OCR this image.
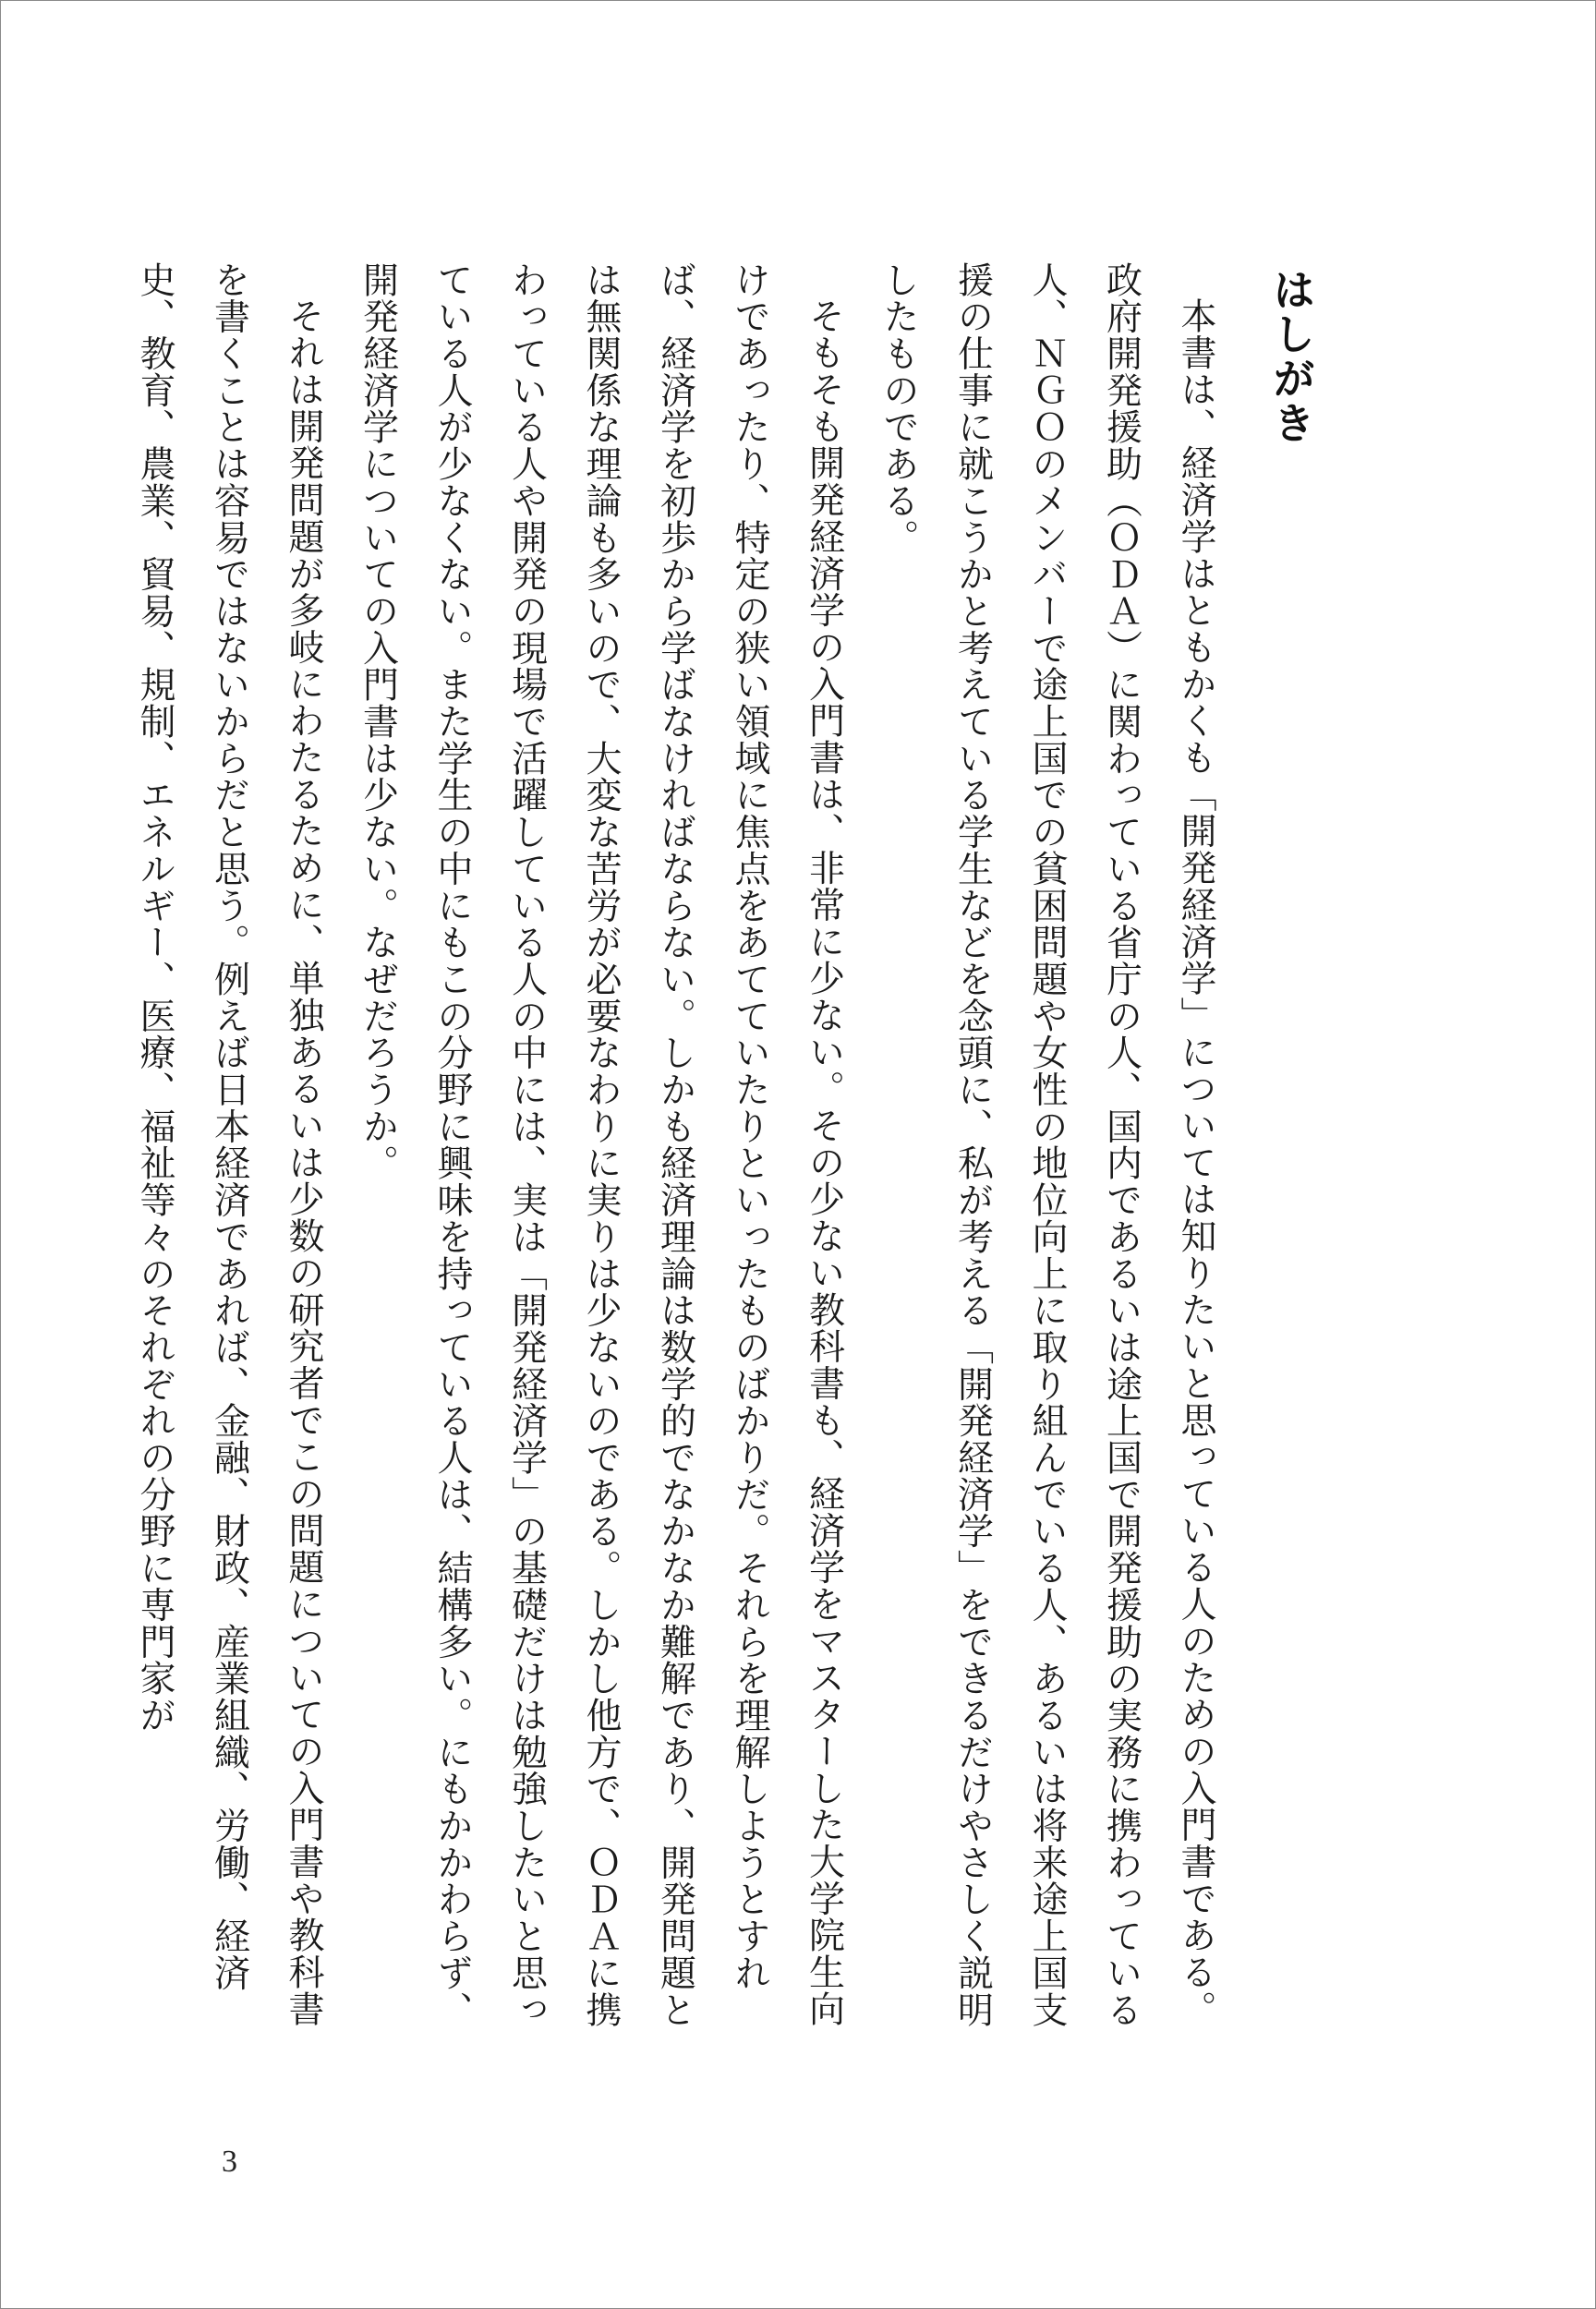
はしがき

本書は、経済学はともかくも「開発経済学」については知りたいと思っている人のための入門書である。政府開発援助（ＯＤＡ）に関わっている省庁の人、国内であるいは途上国で開発援助の実務に携わっている人、ＮＧＯのメンバーで途上国での貧困問題や女性の地位向上に取り組んでいる人、あるいは将来途上国支援の仕事に就こうかと考えている学生などを念頭に、私が考える「開発経済学」をできるだけやさしく説明したものである。

そもそも開発経済学の入門書は、非常に少ない。その少ない教科書も、経済学をマスターした大学院生向けであったり、特定の狭い領域に焦点をあてていたりといったものばかりだ。それらを理解しようとすれば、経済学を初歩から学ばなければならない。しかも経済理論は数学的でなかなか難解であり、開発問題とは無関係な理論も多いので、大変な苦労が必要なわりに実りは少ないのである。しかし他方で、ＯＤＡに携わっている人や開発の現場で活躍している人の中には、実は「開発経済学」の基礎だけは勉強したいと思っている人が少なくない。また学生の中にもこの分野に興味を持っている人は、結構多い。にもかかわらず、開発経済学についての入門書は少ない。なぜだろうか。

それは開発問題が多岐にわたるために、単独あるいは少数の研究者でこの問題についての入門書や教科書を書くことは容易ではないからだと思う。例えば日本経済であれば、金融、財政、産業組織、労働、経済史、教育、農業、貿易、規制、エネルギー、医療、福祉等々のそれぞれの分野に専門家が

3
